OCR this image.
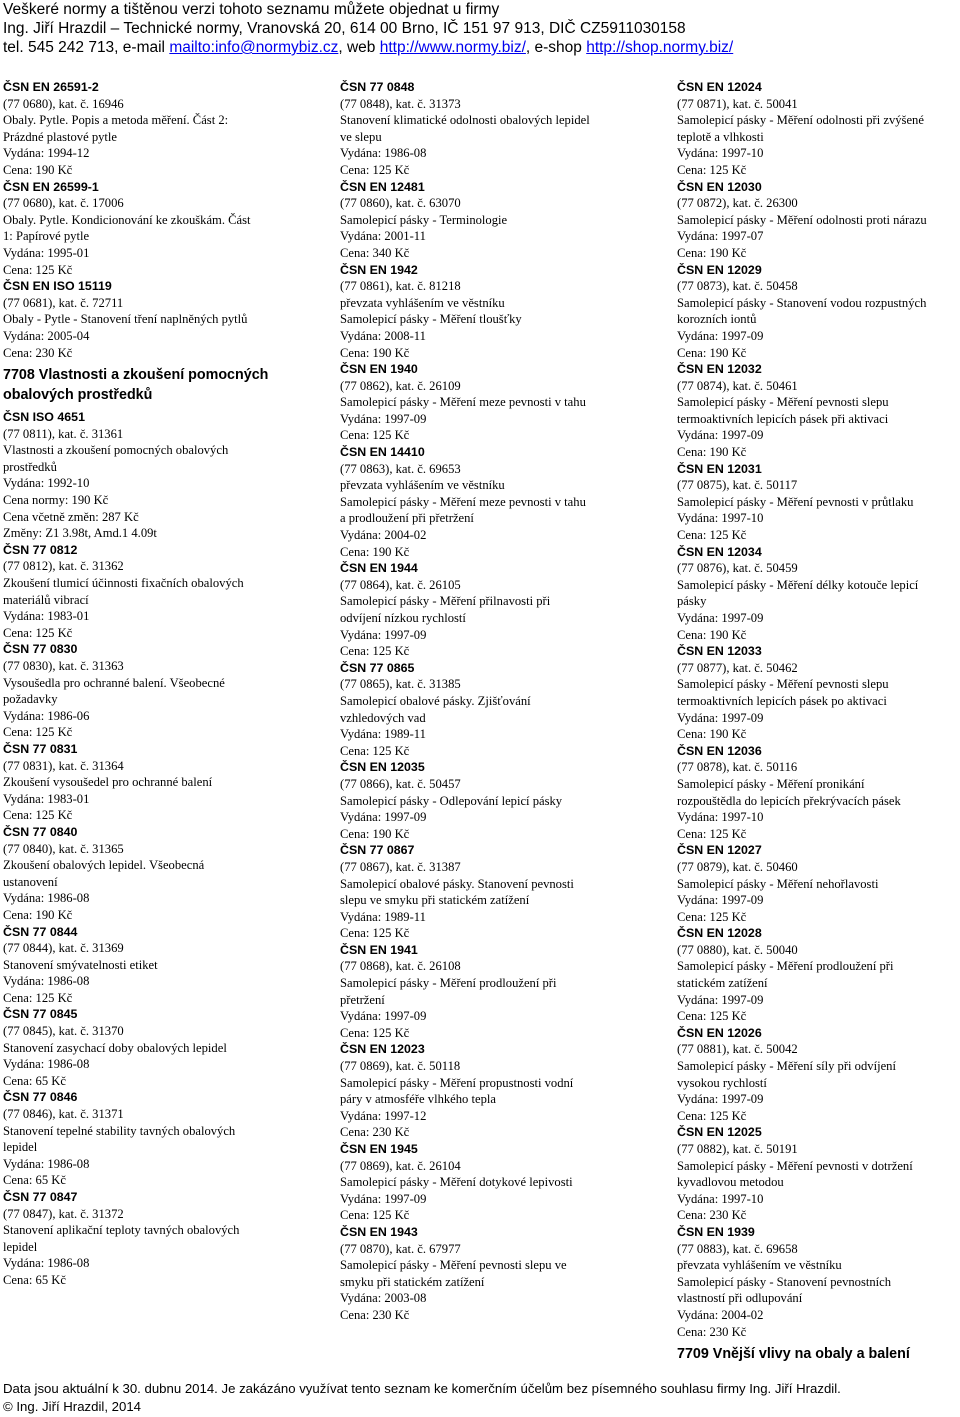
Veškeré normy a tištěnou verzi tohoto seznamu můžete objednat u firmy
Ing. Jiří Hrazdil – Technické normy, Vranovská 20, 614 00 Brno, IČ 151 97 913, DIČ CZ5911030158
tel. 545 242 713, e-mail mailto:info@normybiz.cz, web http://www.normy.biz/, e-shop http://shop.normy.biz/
ČSN EN 26591-2
(77 0680), kat. č. 16946
Obaly. Pytle. Popis a metoda měření. Část 2:
Prázdné plastové pytle
Vydána: 1994-12
Cena: 190 Kč
ČSN EN 26599-1
(77 0680), kat. č. 17006
Obaly. Pytle. Kondicionování ke zkouškám. Část
1: Papírové pytle
Vydána: 1995-01
Cena: 125 Kč
ČSN EN ISO 15119
(77 0681), kat. č. 72711
Obaly - Pytle - Stanovení tření naplněných pytlů
Vydána: 2005-04
Cena: 230 Kč
7708 Vlastnosti a zkoušení pomocných obalových prostředků
ČSN ISO 4651
(77 0811), kat. č. 31361
Vlastnosti a zkoušení pomocných obalových
prostředků
Vydána: 1992-10
Cena normy: 190 Kč
Cena včetně změn: 287 Kč
Změny: Z1 3.98t, Amd.1 4.09t
ČSN 77 0812
(77 0812), kat. č. 31362
Zkoušení tlumicí účinnosti fixačních obalových
materiálů vibrací
Vydána: 1983-01
Cena: 125 Kč
ČSN 77 0830
(77 0830), kat. č. 31363
Vysoušedla pro ochranné balení. Všeobecné
požadavky
Vydána: 1986-06
Cena: 125 Kč
ČSN 77 0831
(77 0831), kat. č. 31364
Zkoušení vysoušedel pro ochranné balení
Vydána: 1983-01
Cena: 125 Kč
ČSN 77 0840
(77 0840), kat. č. 31365
Zkoušení obalových lepidel. Všeobecná
ustanovení
Vydána: 1986-08
Cena: 190 Kč
ČSN 77 0844
(77 0844), kat. č. 31369
Stanovení smývatelnosti etiket
Vydána: 1986-08
Cena: 125 Kč
ČSN 77 0845
(77 0845), kat. č. 31370
Stanovení zasychací doby obalových lepidel
Vydána: 1986-08
Cena: 65 Kč
ČSN 77 0846
(77 0846), kat. č. 31371
Stanovení tepelné stability tavných obalových
lepidel
Vydána: 1986-08
Cena: 65 Kč
ČSN 77 0847
(77 0847), kat. č. 31372
Stanovení aplikační teploty tavných obalových
lepidel
Vydána: 1986-08
Cena: 65 Kč
ČSN 77 0848
(77 0848), kat. č. 31373
Stanovení klimatické odolnosti obalových lepidel
ve slepu
Vydána: 1986-08
Cena: 125 Kč
ČSN EN 12481
(77 0860), kat. č. 63070
Samolepicí pásky - Terminologie
Vydána: 2001-11
Cena: 340 Kč
ČSN EN 1942
(77 0861), kat. č. 81218
převzata vyhlášením ve věstníku
Samolepicí pásky - Měření tloušťky
Vydána: 2008-11
Cena: 190 Kč
ČSN EN 1940
(77 0862), kat. č. 26109
Samolepicí pásky - Měření meze pevnosti v tahu
Vydána: 1997-09
Cena: 125 Kč
ČSN EN 14410
(77 0863), kat. č. 69653
převzata vyhlášením ve věstníku
Samolepicí pásky - Měření meze pevnosti v tahu
a prodloužení při přetržení
Vydána: 2004-02
Cena: 190 Kč
ČSN EN 1944
(77 0864), kat. č. 26105
Samolepicí pásky - Měření přilnavosti při
odvíjení nízkou rychlostí
Vydána: 1997-09
Cena: 125 Kč
ČSN 77 0865
(77 0865), kat. č. 31385
Samolepicí obalové pásky. Zjišťování
vzhledových vad
Vydána: 1989-11
Cena: 125 Kč
ČSN EN 12035
(77 0866), kat. č. 50457
Samolepicí pásky - Odlepování lepicí pásky
Vydána: 1997-09
Cena: 190 Kč
ČSN 77 0867
(77 0867), kat. č. 31387
Samolepicí obalové pásky. Stanovení pevnosti
slepu ve smyku při statickém zatížení
Vydána: 1989-11
Cena: 125 Kč
ČSN EN 1941
(77 0868), kat. č. 26108
Samolepicí pásky - Měření prodloužení při
přetržení
Vydána: 1997-09
Cena: 125 Kč
ČSN EN 12023
(77 0869), kat. č. 50118
Samolepicí pásky - Měření propustnosti vodní
páry v atmosféře vlhkého tepla
Vydána: 1997-12
Cena: 230 Kč
ČSN EN 1945
(77 0869), kat. č. 26104
Samolepicí pásky - Měření dotykové lepivosti
Vydána: 1997-09
Cena: 125 Kč
ČSN EN 1943
(77 0870), kat. č. 67977
Samolepicí pásky - Měření pevnosti slepu ve
smyku při statickém zatížení
Vydána: 2003-08
Cena: 230 Kč
ČSN EN 12024
(77 0871), kat. č. 50041
Samolepicí pásky - Měření odolnosti při zvýšené
teplotě a vlhkosti
Vydána: 1997-10
Cena: 125 Kč
ČSN EN 12030
(77 0872), kat. č. 26300
Samolepicí pásky - Měření odolnosti proti nárazu
Vydána: 1997-07
Cena: 190 Kč
ČSN EN 12029
(77 0873), kat. č. 50458
Samolepicí pásky - Stanovení vodou rozpustných
korozních iontů
Vydána: 1997-09
Cena: 190 Kč
ČSN EN 12032
(77 0874), kat. č. 50461
Samolepicí pásky - Měření pevnosti slepu
termoaktivních lepicích pásek při aktivaci
Vydána: 1997-09
Cena: 190 Kč
ČSN EN 12031
(77 0875), kat. č. 50117
Samolepicí pásky - Měření pevnosti v průtlaku
Vydána: 1997-10
Cena: 125 Kč
ČSN EN 12034
(77 0876), kat. č. 50459
Samolepicí pásky - Měření délky kotouče lepicí
pásky
Vydána: 1997-09
Cena: 190 Kč
ČSN EN 12033
(77 0877), kat. č. 50462
Samolepicí pásky - Měření pevnosti slepu
termoaktivních lepicích pásek po aktivaci
Vydána: 1997-09
Cena: 190 Kč
ČSN EN 12036
(77 0878), kat. č. 50116
Samolepicí pásky - Měření pronikání
rozpouštědla do lepicích překrývacích pásek
Vydána: 1997-10
Cena: 125 Kč
ČSN EN 12027
(77 0879), kat. č. 50460
Samolepicí pásky - Měření nehořlavosti
Vydána: 1997-09
Cena: 125 Kč
ČSN EN 12028
(77 0880), kat. č. 50040
Samolepicí pásky - Měření prodloužení při
statickém zatížení
Vydána: 1997-09
Cena: 125 Kč
ČSN EN 12026
(77 0881), kat. č. 50042
Samolepicí pásky - Měření síly při odvíjení
vysokou rychlostí
Vydána: 1997-09
Cena: 125 Kč
ČSN EN 12025
(77 0882), kat. č. 50191
Samolepicí pásky - Měření pevnosti v dotržení
kyvadlovou metodou
Vydána: 1997-10
Cena: 230 Kč
ČSN EN 1939
(77 0883), kat. č. 69658
převzata vyhlášením ve věstníku
Samolepicí pásky - Stanovení pevnostních
vlastností při odlupování
Vydána: 2004-02
Cena: 230 Kč
7709 Vnější vlivy na obaly a balení
Data jsou aktuální k 30. dubnu 2014. Je zakázáno využívat tento seznam ke komerčním účelům bez písemného souhlasu firmy Ing. Jiří Hrazdil.
© Ing. Jiří Hrazdil, 2014
